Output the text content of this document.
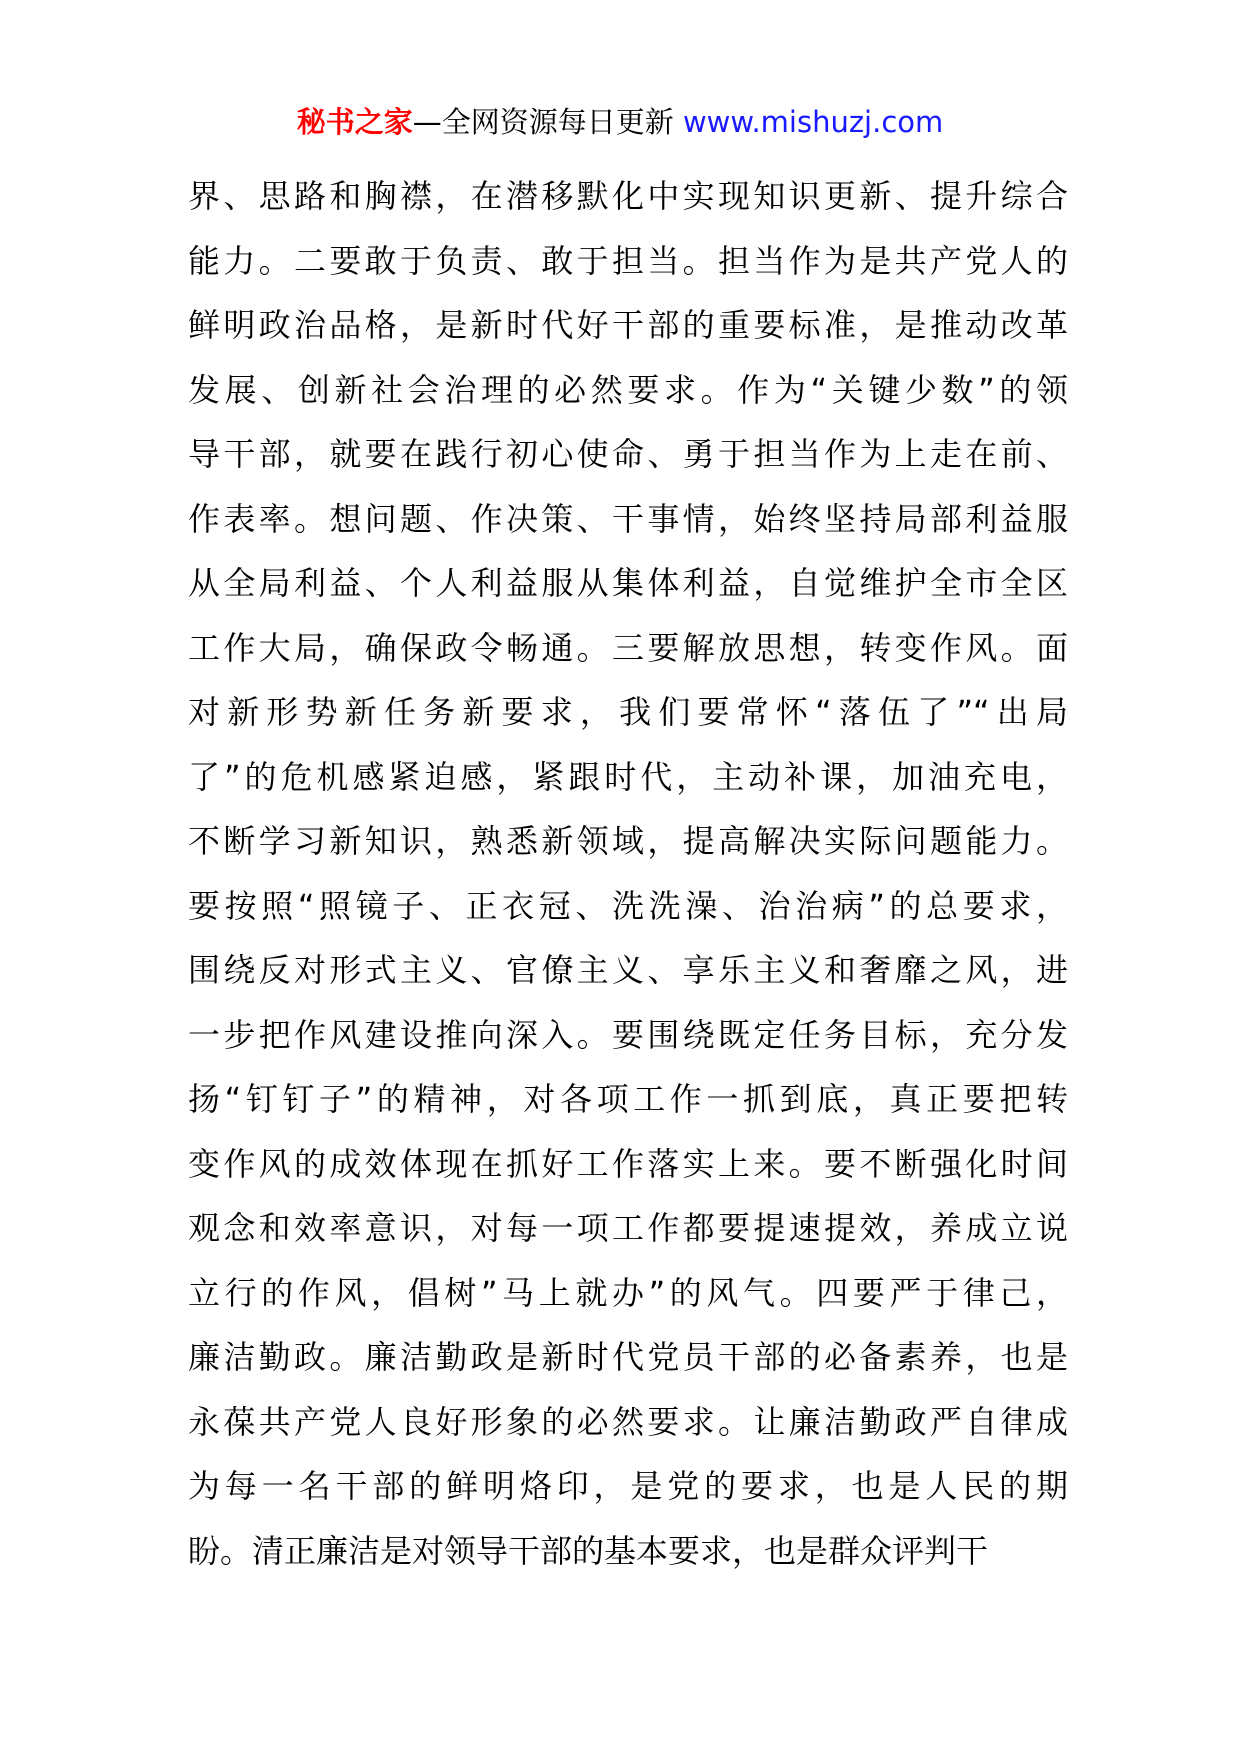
秘书之家—全网资源每日更新 www.mishuzj.com
界、思路和胸襟，在潜移默化中实现知识更新、提升综合
能力。二要敢于负责、敢于担当。担当作为是共产党人的
鲜明政治品格，是新时代好干部的重要标准，是推动改革
发展、创新社会治理的必然要求。作为“关键少数”的领
导干部，就要在践行初心使命、勇于担当作为上走在前、
作表率。想问题、作决策、干事情，始终坚持局部利益服
从全局利益、个人利益服从集体利益，自觉维护全市全区
工作大局，确保政令畅通。三要解放思想，转变作风。面
对新形势新任务新要求，我们要常怀“落伍了”“出局
了”的危机感紧迫感，紧跟时代，主动补课，加油充电，
不断学习新知识，熟悉新领域，提高解决实际问题能力。
要按照“照镜子、正衣冠、洗洗澡、治治病”的总要求，
围绕反对形式主义、官僚主义、享乐主义和奢靡之风，进
一步把作风建设推向深入。要围绕既定任务目标，充分发
扬“钉钉子”的精神，对各项工作一抓到底，真正要把转
变作风的成效体现在抓好工作落实上来。要不断强化时间
观念和效率意识，对每一项工作都要提速提效，养成立说
立行的作风，倡树”马上就办”的风气。四要严于律己，
廉洁勤政。廉洁勤政是新时代党员干部的必备素养，也是
永葆共产党人良好形象的必然要求。让廉洁勤政严自律成
为每一名干部的鲜明烙印，是党的要求，也是人民的期
盼。清正廉洁是对领导干部的基本要求，也是群众评判干
